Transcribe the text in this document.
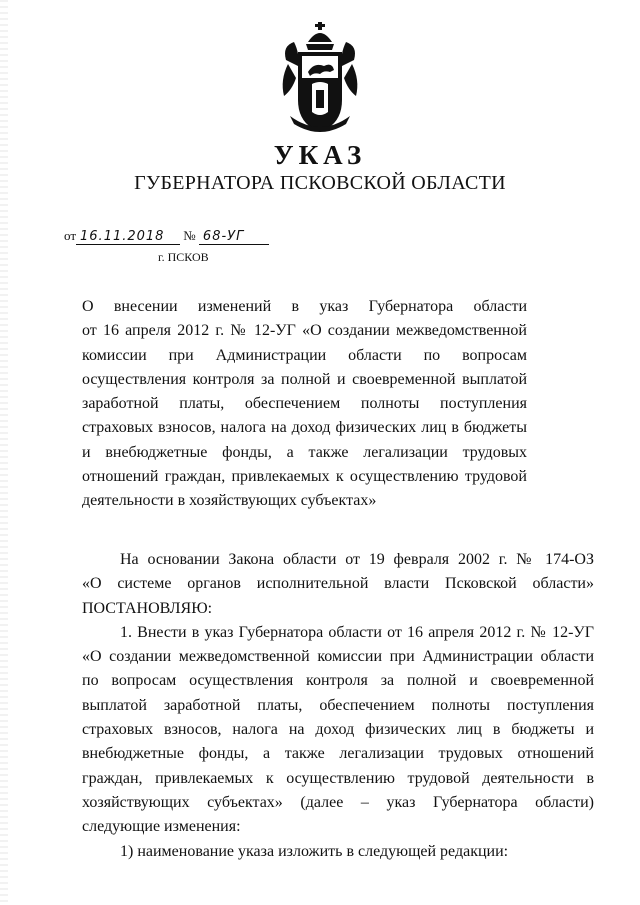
УКАЗ
ГУБЕРНАТОРА ПСКОВСКОЙ ОБЛАСТИ
от 16.11.2018 № 68-УГ
г. ПСКОВ
О внесении изменений в указ Губернатора области
от 16 апреля 2012 г. № 12-УГ «О создании межведомственной
комиссии при Администрации области по вопросам
осуществления контроля за полной и своевременной выплатой
заработной платы, обеспечением полноты поступления
страховых взносов, налога на доход физических лиц в бюджеты
и внебюджетные фонды, а также легализации трудовых
отношений граждан, привлекаемых к осуществлению трудовой
деятельности в хозяйствующих субъектах»
На основании Закона области от 19 февраля 2002 г. № 174-ОЗ
«О системе органов исполнительной власти Псковской области»
ПОСТАНОВЛЯЮ:
1. Внести в указ Губернатора области от 16 апреля 2012 г. № 12-УГ
«О создании межведомственной комиссии при Администрации области
по вопросам осуществления контроля за полной и своевременной
выплатой заработной платы, обеспечением полноты поступления
страховых взносов, налога на доход физических лиц в бюджеты и
внебюджетные фонды, а также легализации трудовых отношений
граждан, привлекаемых к осуществлению трудовой деятельности в
хозяйствующих субъектах» (далее – указ Губернатора области)
следующие изменения:
1) наименование указа изложить в следующей редакции:
